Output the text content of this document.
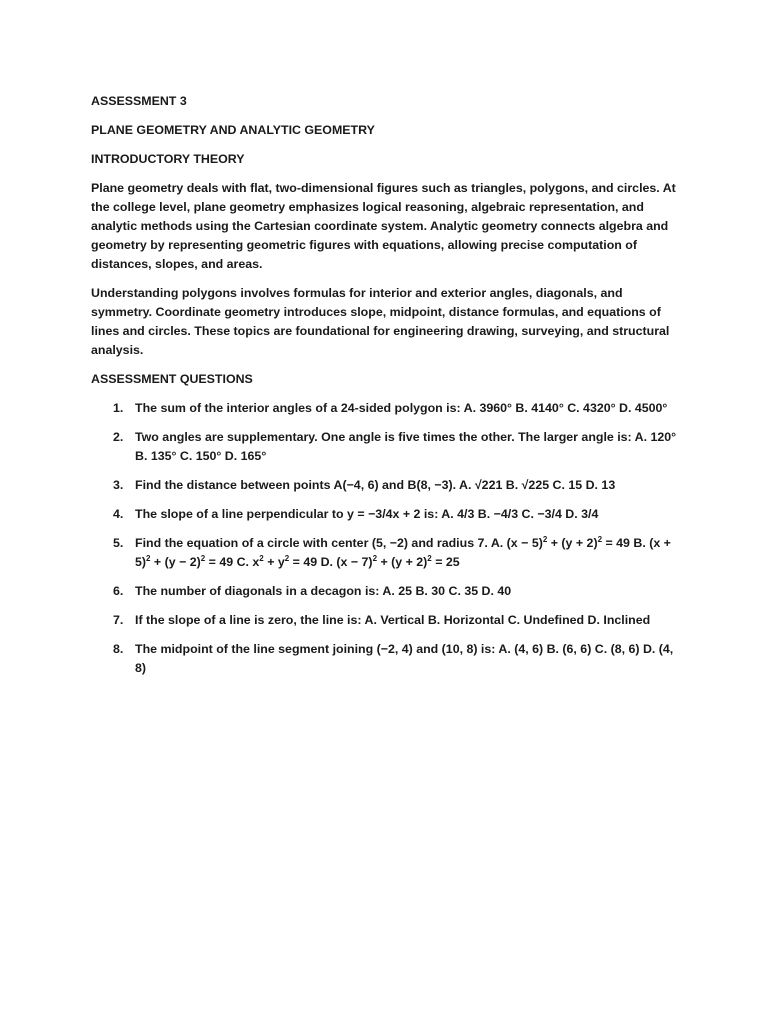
ASSESSMENT 3
PLANE GEOMETRY AND ANALYTIC GEOMETRY
INTRODUCTORY THEORY

Plane geometry deals with flat, two-dimensional figures such as triangles, polygons, and circles. At the college level, plane geometry emphasizes logical reasoning, algebraic representation, and analytic methods using the Cartesian coordinate system. Analytic geometry connects algebra and geometry by representing geometric figures with equations, allowing precise computation of distances, slopes, and areas.

Understanding polygons involves formulas for interior and exterior angles, diagonals, and symmetry. Coordinate geometry introduces slope, midpoint, distance formulas, and equations of lines and circles. These topics are foundational for engineering drawing, surveying, and structural analysis.

ASSESSMENT QUESTIONS
1. The sum of the interior angles of a 24-sided polygon is: A. 3960° B. 4140° C. 4320° D. 4500°
2. Two angles are supplementary. One angle is five times the other. The larger angle is: A. 120° B. 135° C. 150° D. 165°
3. Find the distance between points A(−4, 6) and B(8, −3). A. √221 B. √225 C. 15 D. 13
4. The slope of a line perpendicular to y = −3/4x + 2 is: A. 4/3 B. −4/3 C. −3/4 D. 3/4
5. Find the equation of a circle with center (5, −2) and radius 7. A. $(x - 5)^2 + (y + 2)^2 = 49$ B. $(x + 5)^2 + (y - 2)^2 = 49$ C. $x^2 + y^2 = 49$ D. $(x - 7)^2 + (y + 2)^2 = 25$
6. The number of diagonals in a decagon is: A. 25 B. 30 C. 35 D. 40
7. If the slope of a line is zero, the line is: A. Vertical B. Horizontal C. Undefined D. Inclined
8. The midpoint of the line segment joining (−2, 4) and (10, 8) is: A. (4, 6) B. (6, 6) C. (8, 6) D. (4, 8)
